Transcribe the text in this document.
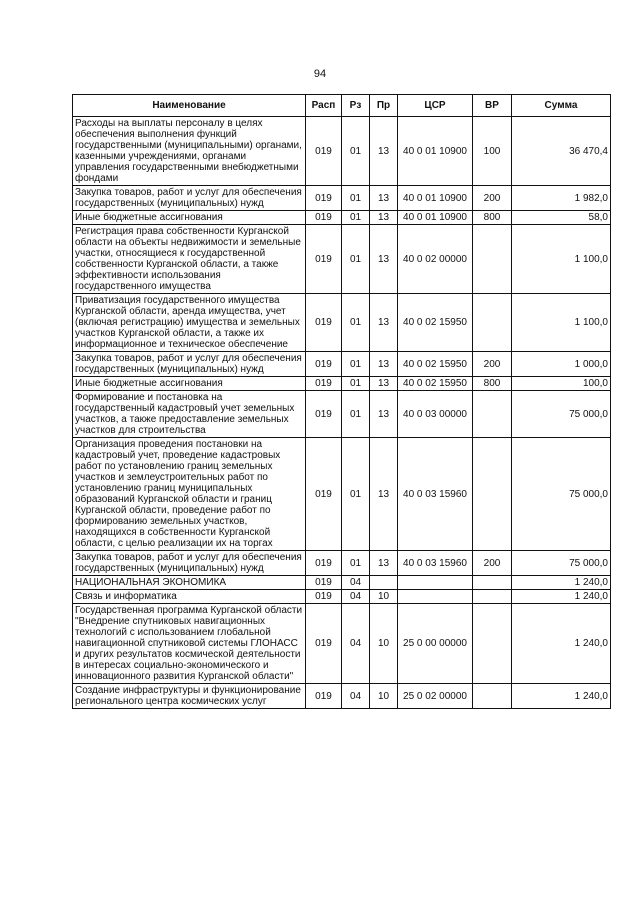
94
Наименование	Расп	Рз	Пр	ЦСР	ВР	Сумма
Расходы на выплаты персоналу в целях обеспечения выполнения функций государственными (муниципальными) органами, казенными учреждениями, органами управления государственными внебюджетными фондами	019	01	13	40 0 01 10900	100	36 470,4
Закупка товаров, работ и услуг для обеспечения государственных (муниципальных) нужд	019	01	13	40 0 01 10900	200	1 982,0
Иные бюджетные ассигнования	019	01	13	40 0 01 10900	800	58,0
Регистрация права собственности Курганской области на объекты недвижимости и земельные участки, относящиеся к государственной собственности Курганской области, а также эффективности использования государственного имущества	019	01	13	40 0 02 00000		1 100,0
Приватизация государственного имущества Курганской области, аренда имущества, учет (включая регистрацию) имущества и земельных участков Курганской области, а также их информационное и техническое обеспечение	019	01	13	40 0 02 15950		1 100,0
Закупка товаров, работ и услуг для обеспечения государственных (муниципальных) нужд	019	01	13	40 0 02 15950	200	1 000,0
Иные бюджетные ассигнования	019	01	13	40 0 02 15950	800	100,0
Формирование и постановка на государственный кадастровый учет земельных участков, а также предоставление земельных участков для строительства	019	01	13	40 0 03 00000		75 000,0
Организация проведения постановки на кадастровый учет, проведение кадастровых работ по установлению границ земельных участков и землеустроительных работ по установлению границ муниципальных образований Курганской области и границ Курганской области, проведение работ по формированию земельных участков, находящихся в собственности Курганской области, с целью реализации их на торгах	019	01	13	40 0 03 15960		75 000,0
Закупка товаров, работ и услуг для обеспечения государственных (муниципальных) нужд	019	01	13	40 0 03 15960	200	75 000,0
НАЦИОНАЛЬНАЯ ЭКОНОМИКА	019	04				1 240,0
Связь и информатика	019	04	10			1 240,0
Государственная программа Курганской области "Внедрение спутниковых навигационных технологий с использованием глобальной навигационной спутниковой системы ГЛОНАСС и других результатов космической деятельности в интересах социально-экономического и инновационного развития Курганской области"	019	04	10	25 0 00 00000		1 240,0
Создание инфраструктуры и функционирование регионального центра космических услуг	019	04	10	25 0 02 00000		1 240,0
